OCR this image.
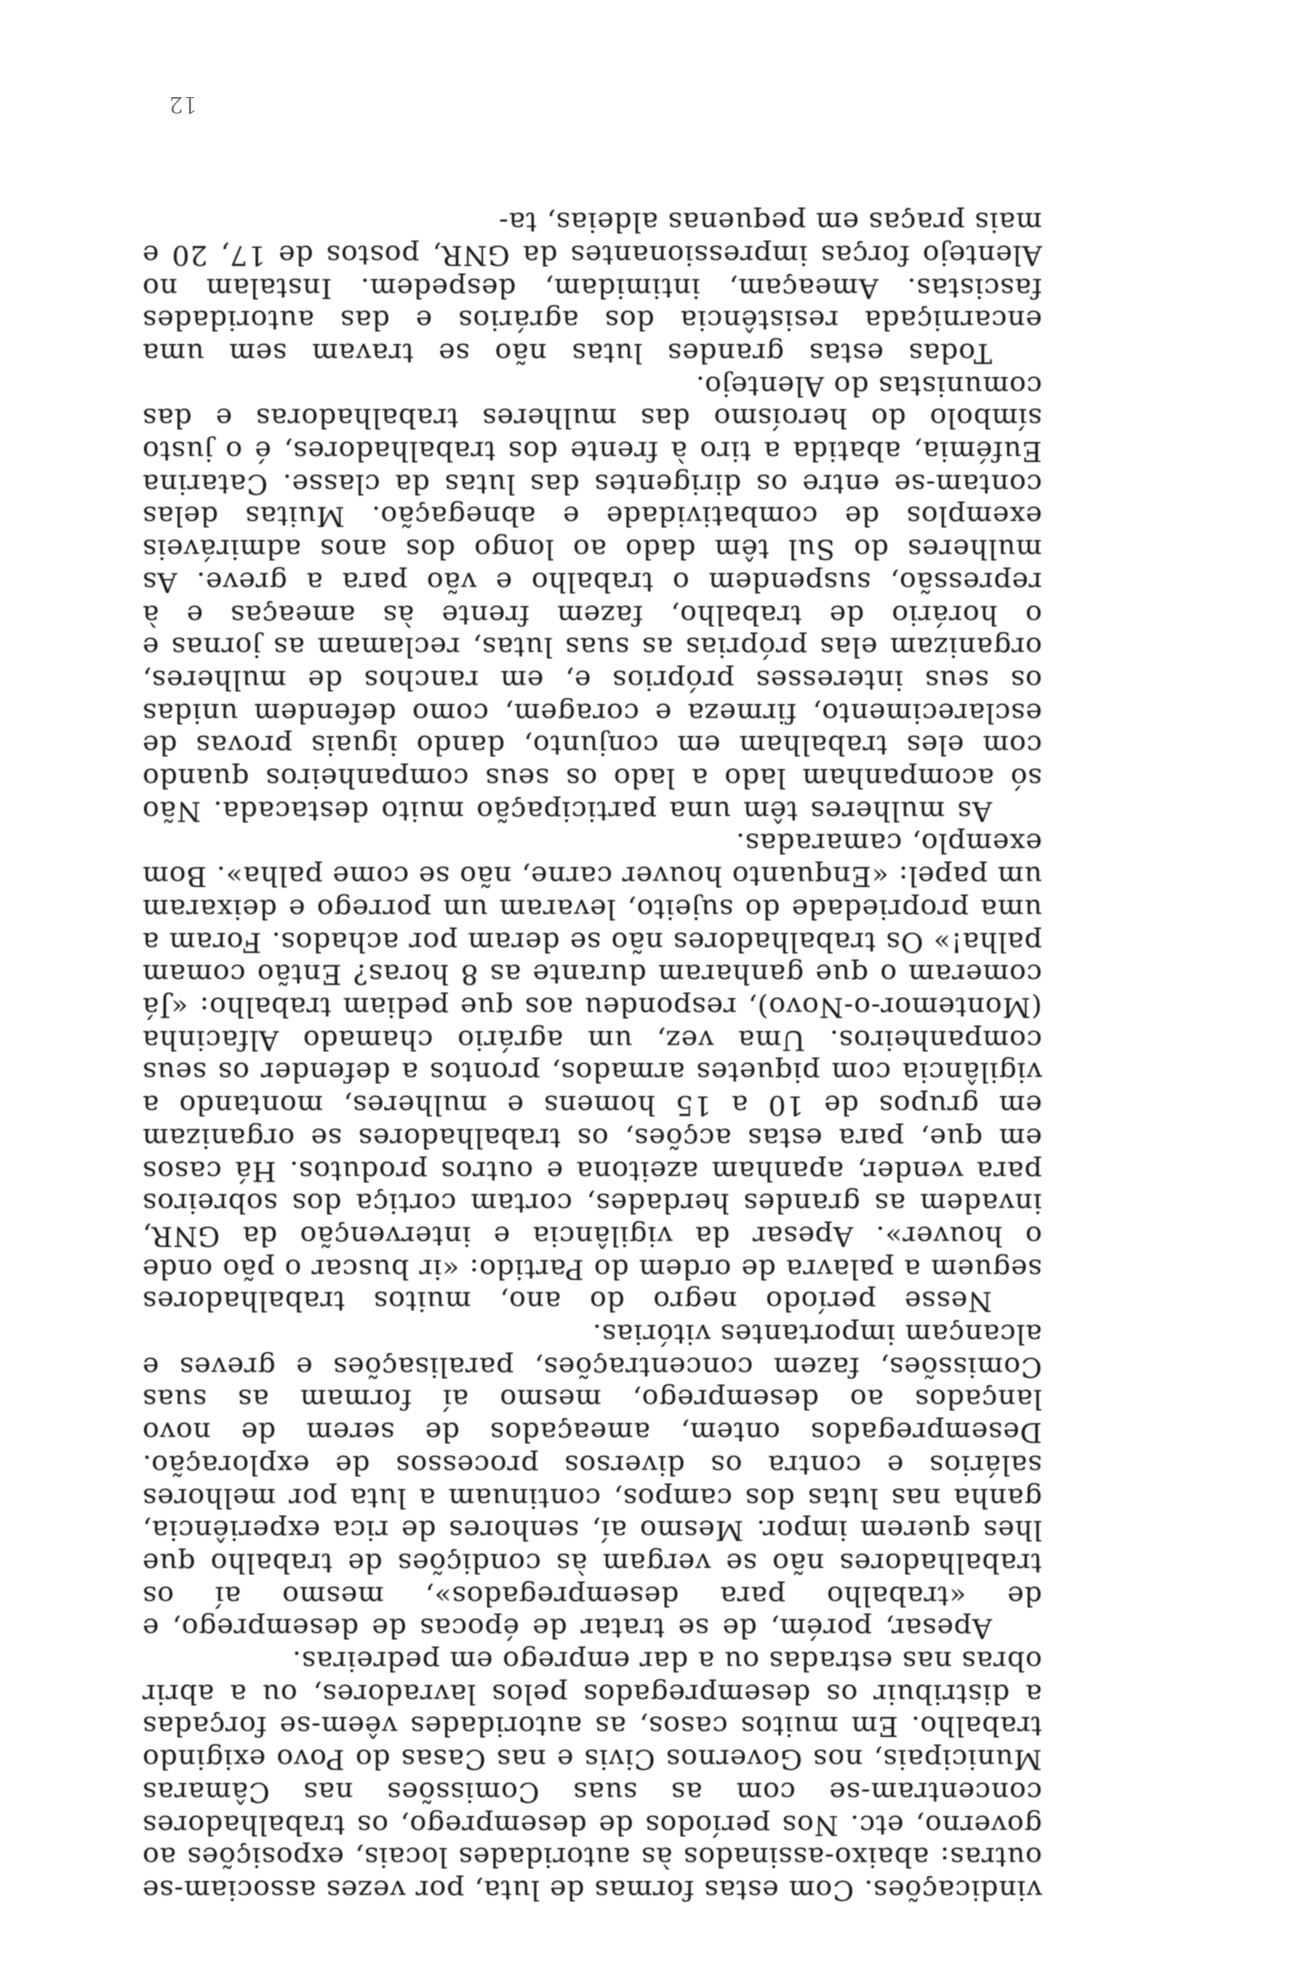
vindicações. Com estas formas de luta, por vezes associam-se outras: abaixo-assinados às autoridades locais, exposições ao governo, etc. Nos períodos de desemprego, os trabalhadores concentram-se com as suas Comissões nas Câmaras Municipais, nos Governos Civis e nas Casas do Povo exigindo trabalho. Em muitos casos, as autoridades vêem-se forçadas a distribuir os desempregados pelos lavradores, ou a abrir obras nas estradas ou a dar emprego em pedreiras.

Apesar, porém, de se tratar de épocas de desemprego, e de «trabalho para desempregados», mesmo aí os trabalhadores não se vergam às condições de trabalho que lhes querem impor. Mesmo aí, senhores de rica experiência, ganha nas lutas dos campos, continuam a luta por melhores salários e contra os diversos processos de exploração. Desempregados ontem, ameaçados de serem de novo lançados ao desemprego, mesmo aí formam as suas Comissões, fazem concentrações, paralisações e greves e alcançam importantes vitórias.

Nesse período negro do ano, muitos trabalhadores seguem a palavra de ordem do Partido: «ir buscar o pão onde o houver». Apesar da vigilância e intervenção da GNR, invadem as grandes herdades, cortam cortiça dos sobreiros para vender, apanham azeitona e outros produtos. Há casos em que, para estas acções, os trabalhadores se organizam em grupos de 10 a 15 homens e mulheres, montando a vigilância com piquetes armados, prontos a defender os seus companheiros. Uma vez, um agrário chamado Alfacinha (Montemor-o-Novo), respondeu aos que pediam trabalho: «Já comeram o que ganharam durante as 8 horas? Então comam palha!» Os trabalhadores não se deram por achados. Foram a uma propriedade do sujeito, levaram um porrego e deixaram um papel: «Enquanto houver carne, não se come palha». Bom exemplo, camaradas.

As mulheres têm uma participação muito destacada. Não só acompanham lado a lado os seus companheiros quando com eles trabalham em conjunto, dando iguais provas de esclarecimento, firmeza e coragem, como defendem unidas os seus interesses próprios e, em ranchos de mulheres, organizam elas próprias as suas lutas, reclamam as jornas e o horário de trabalho, fazem frente às ameaças e à repressão, suspendem o trabalho e vão para a greve. As mulheres do Sul têm dado ao longo dos anos admiráveis exemplos de combatividade e abnegação. Muitas delas contam-se entre os dirigentes das lutas da classe. Catarina Eufémia, abatida a tiro à frente dos trabalhadores, é o justo símbolo do heroísmo das mulheres trabalhadoras e das comunistas do Alentejo.

Todas estas grandes lutas não se travam sem uma encarniçada resistência dos agrários e das autoridades fascistas. Ameaçam, intimidam, despedem. Instalam no Alentejo forças impressionantes da GNR, postos de 17, 20 e mais praças em pequenas aldeias, ta-

12
